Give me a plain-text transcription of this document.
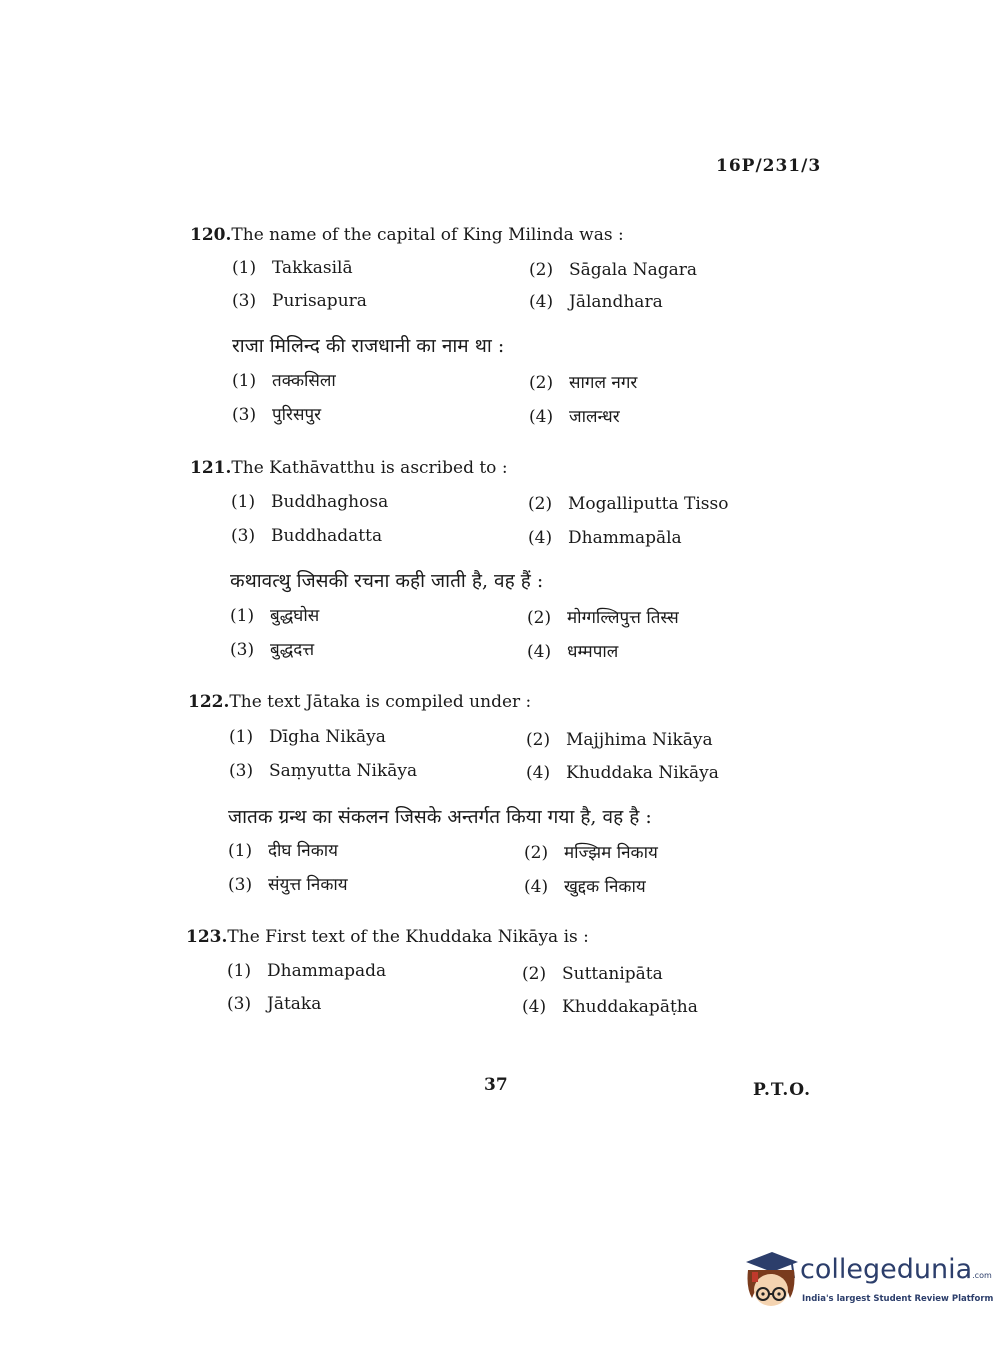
16P/231/3
120.The name of the capital of King Milinda was :
(1) Takkasilā	(2) Sāgala Nagara
(3) Purisapura	(4) Jālandhara
राजा मिलिन्द की राजधानी का नाम था :
(1) तक्कसिला	(2) सागल नगर
(3) पुरिसपुर	(4) जालन्धर
121.The Kathāvatthu is ascribed to :
(1) Buddhaghosa	(2) Mogalliputta Tisso
(3) Buddhadatta	(4) Dhammapāla
कथावत्थु जिसकी रचना कही जाती है, वह हैं :
(1) बुद्धघोस	(2) मोग्गल्लिपुत्त तिस्स
(3) बुद्धदत्त	(4) धम्मपाल
122.The text Jātaka is compiled under :
(1) Dīgha Nikāya	(2) Majjhima Nikāya
(3) Saṃyutta Nikāya	(4) Khuddaka Nikāya
जातक ग्रन्थ का संकलन जिसके अन्तर्गत किया गया है, वह है :
(1) दीघ निकाय	(2) मज्झिम निकाय
(3) संयुत्त निकाय	(4) खुद्दक निकाय
123.The First text of the Khuddaka Nikāya is :
(1) Dhammapada	(2) Suttanipāta
(3) Jātaka	(4) Khuddakapāṭha
37	P.T.O.
collegedunia.com
India's largest Student Review Platform
